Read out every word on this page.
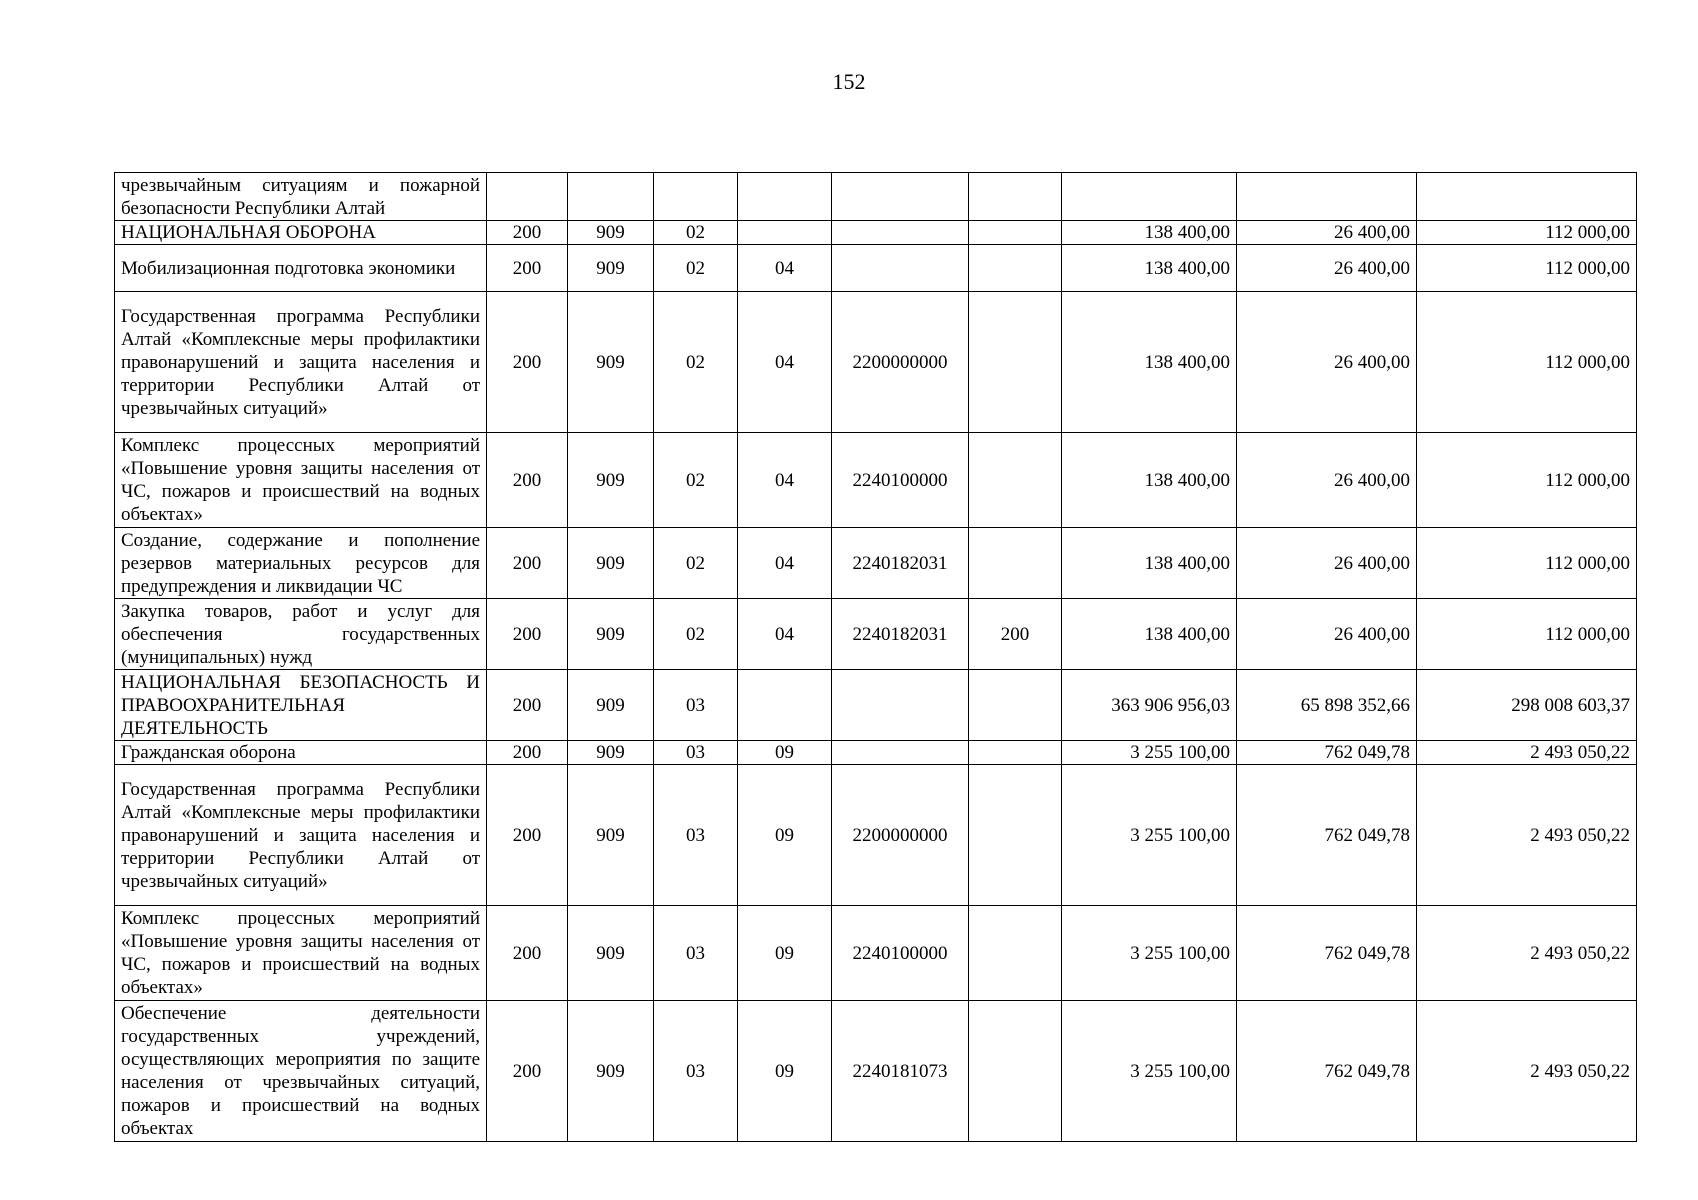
152
чрезвычайным ситуациям и пожарной безопасности Республики Алтай									
НАЦИОНАЛЬНАЯ ОБОРОНА	200	909	02				138 400,00	26 400,00	112 000,00
Мобилизационная подготовка экономики	200	909	02	04			138 400,00	26 400,00	112 000,00
Государственная программа Республики Алтай «Комплексные меры профилактики правонарушений и защита населения и территории Республики Алтай от чрезвычайных ситуаций»	200	909	02	04	2200000000		138 400,00	26 400,00	112 000,00
Комплекс процессных мероприятий «Повышение уровня защиты населения от ЧС, пожаров и происшествий на водных объектах»	200	909	02	04	2240100000		138 400,00	26 400,00	112 000,00
Создание, содержание и пополнение резервов материальных ресурсов для предупреждения и ликвидации ЧС	200	909	02	04	2240182031		138 400,00	26 400,00	112 000,00
Закупка товаров, работ и услуг для обеспечения государственных (муниципальных) нужд	200	909	02	04	2240182031	200	138 400,00	26 400,00	112 000,00
НАЦИОНАЛЬНАЯ БЕЗОПАСНОСТЬ И ПРАВООХРАНИТЕЛЬНАЯ ДЕЯТЕЛЬНОСТЬ	200	909	03				363 906 956,03	65 898 352,66	298 008 603,37
Гражданская оборона	200	909	03	09			3 255 100,00	762 049,78	2 493 050,22
Государственная программа Республики Алтай «Комплексные меры профилактики правонарушений и защита населения и территории Республики Алтай от чрезвычайных ситуаций»	200	909	03	09	2200000000		3 255 100,00	762 049,78	2 493 050,22
Комплекс процессных мероприятий «Повышение уровня защиты населения от ЧС, пожаров и происшествий на водных объектах»	200	909	03	09	2240100000		3 255 100,00	762 049,78	2 493 050,22
Обеспечение деятельности государственных учреждений, осуществляющих мероприятия по защите населения от чрезвычайных ситуаций, пожаров и происшествий на водных объектах	200	909	03	09	2240181073		3 255 100,00	762 049,78	2 493 050,22
